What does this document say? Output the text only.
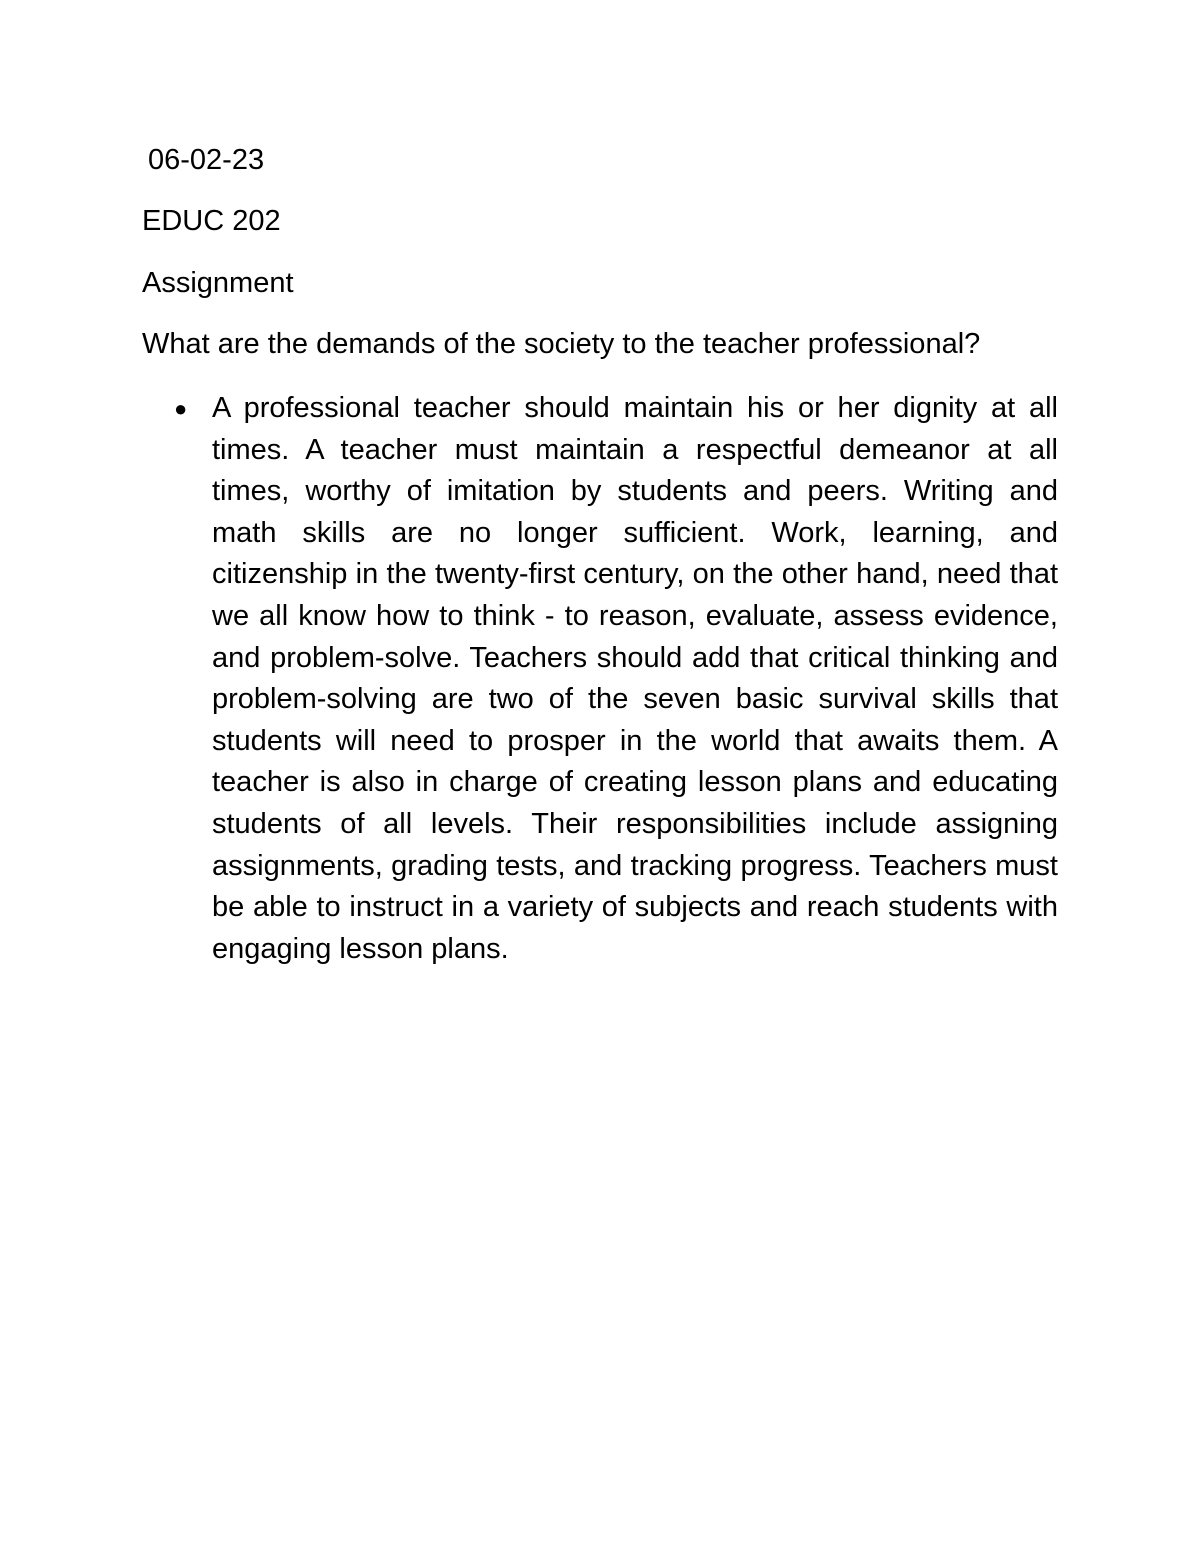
06-02-23
EDUC 202
Assignment
What are the demands of the society to the teacher professional?
● A professional teacher should maintain his or her dignity at all times. A teacher must maintain a respectful demeanor at all times, worthy of imitation by students and peers. Writing and math skills are no longer sufficient. Work, learning, and citizenship in the twenty-first century, on the other hand, need that we all know how to think - to reason, evaluate, assess evidence, and problem-solve. Teachers should add that critical thinking and problem-solving are two of the seven basic survival skills that students will need to prosper in the world that awaits them. A teacher is also in charge of creating lesson plans and educating students of all levels. Their responsibilities include assigning assignments, grading tests, and tracking progress. Teachers must be able to instruct in a variety of subjects and reach students with engaging lesson plans.
